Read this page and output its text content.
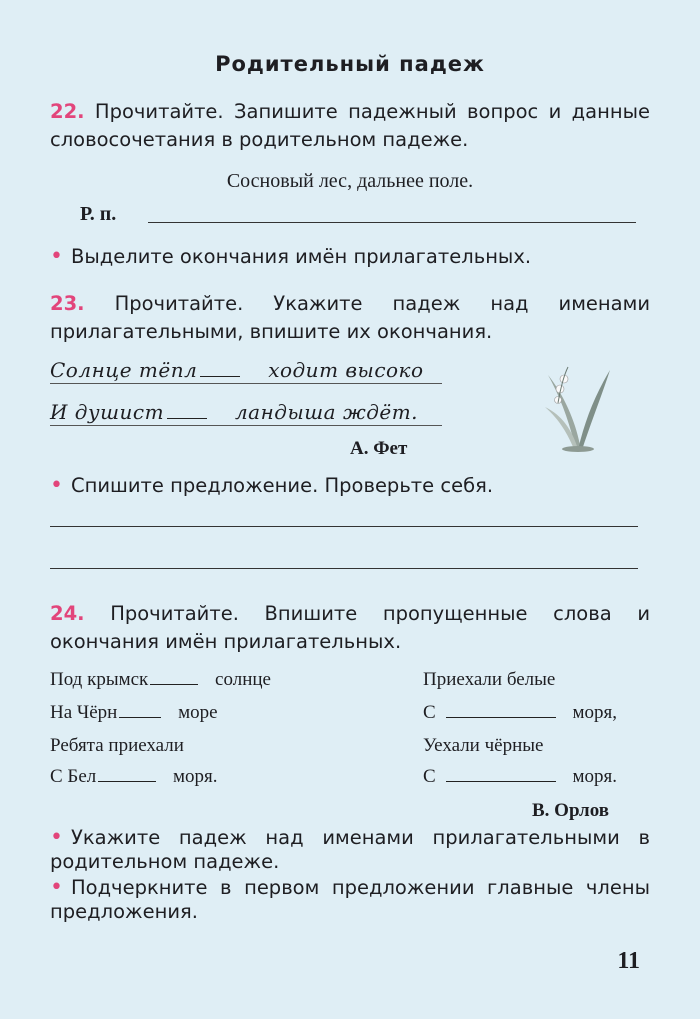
Родительный падеж
22. Прочитайте. Запишите падежный вопрос и данные словосочетания в родительном падеже.
Сосновый лес, дальнее поле.
Р. п.
• Выделите окончания имён прилагательных.
23. Прочитайте. Укажите падеж над именами прилагательными, впишите их окончания.
Солнце тёпл	ходит высоко
И душист	ландыша ждёт.
А. Фет
• Спишите предложение. Проверьте себя.
24. Прочитайте. Впишите пропущенные слова и окончания имён прилагательных.
Под крымск	солнце
На Чёрн	море
Ребята приехали
С Бел	моря.
Приехали белые
С	моря,
Уехали чёрные
С	моря.
В. Орлов
• Укажите падеж над именами прилагательными в родительном падеже.
• Подчеркните в первом предложении главные члены предложения.
11
